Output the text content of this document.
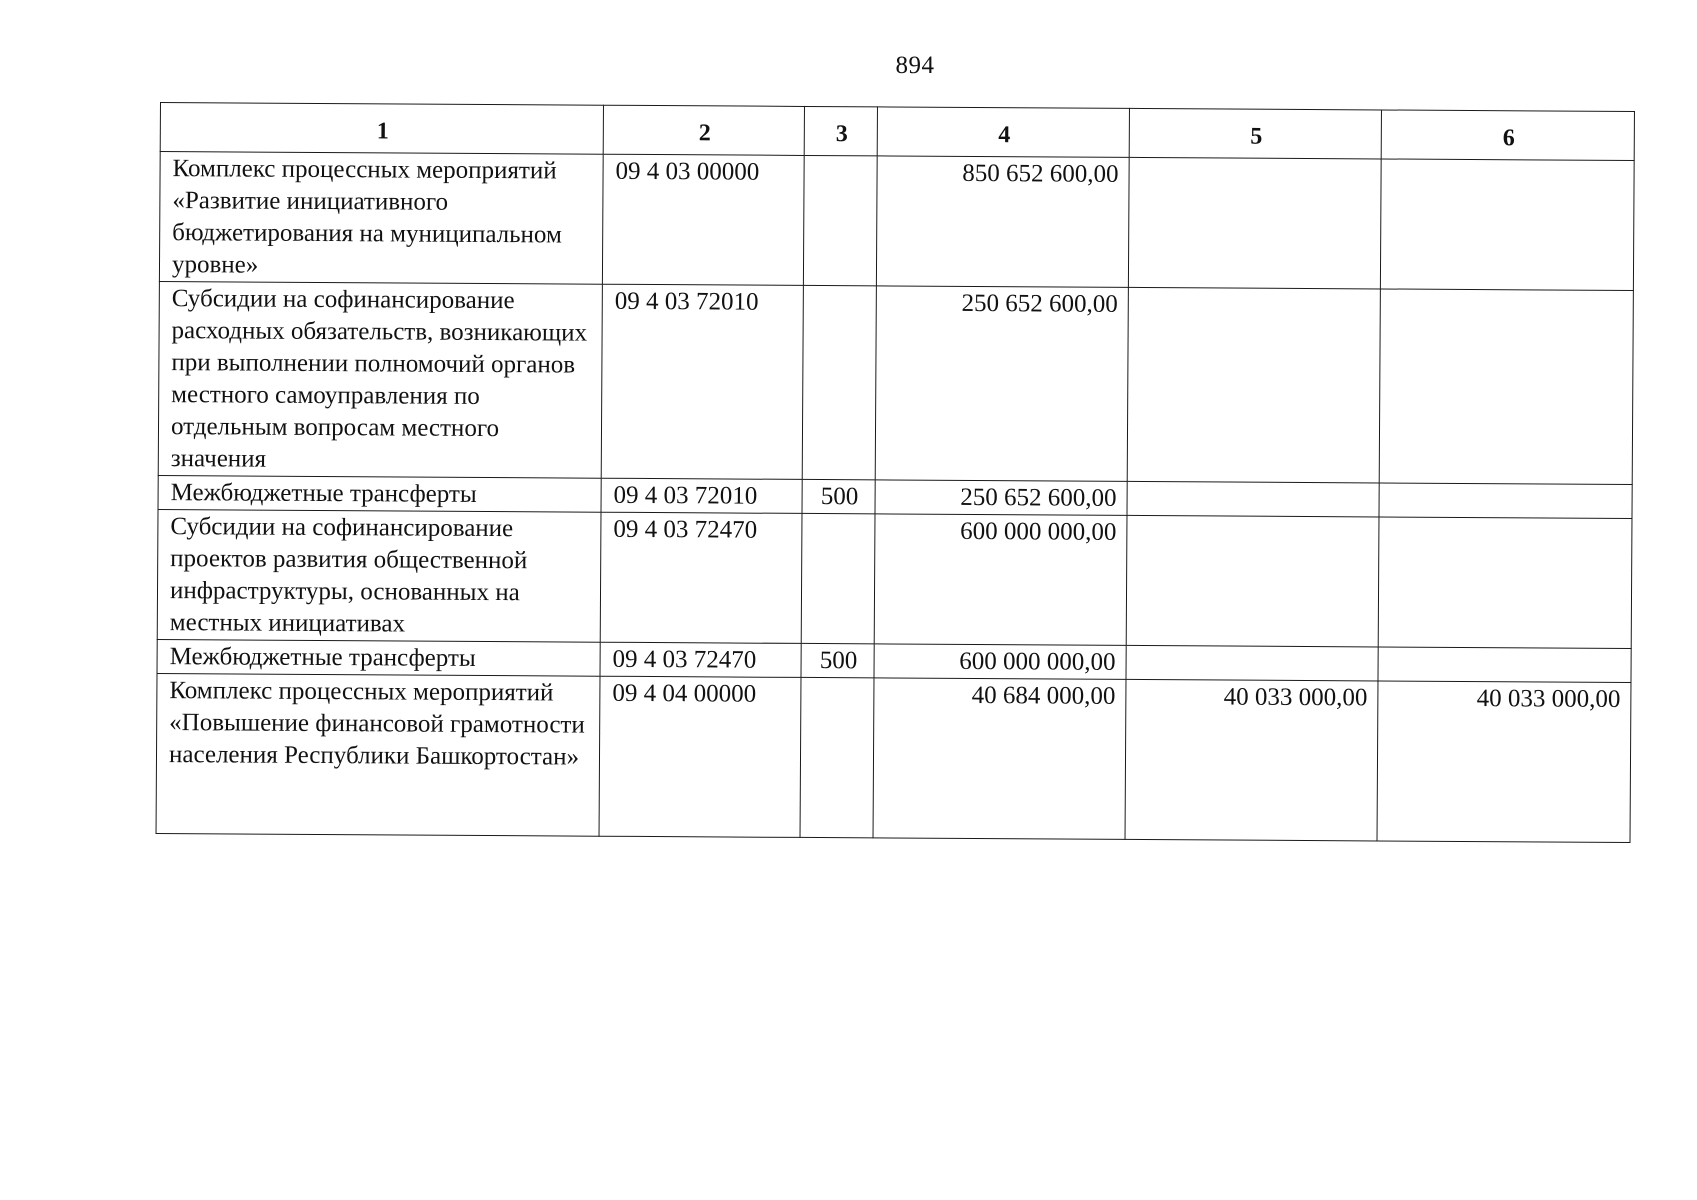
894
1	2	3	4	5	6
Комплекс процессных мероприятий «Развитие инициативного бюджетирования на муниципальном уровне»	09 4 03 00000		850 652 600,00		
Субсидии на софинансирование расходных обязательств, возникающих при выполнении полномочий органов местного самоуправления по отдельным вопросам местного значения	09 4 03 72010		250 652 600,00		
Межбюджетные трансферты	09 4 03 72010	500	250 652 600,00		
Субсидии на софинансирование проектов развития общественной инфраструктуры, основанных на местных инициативах	09 4 03 72470		600 000 000,00		
Межбюджетные трансферты	09 4 03 72470	500	600 000 000,00		
Комплекс процессных мероприятий «Повышение финансовой грамотности населения Республики Башкортостан»	09 4 04 00000		40 684 000,00	40 033 000,00	40 033 000,00
